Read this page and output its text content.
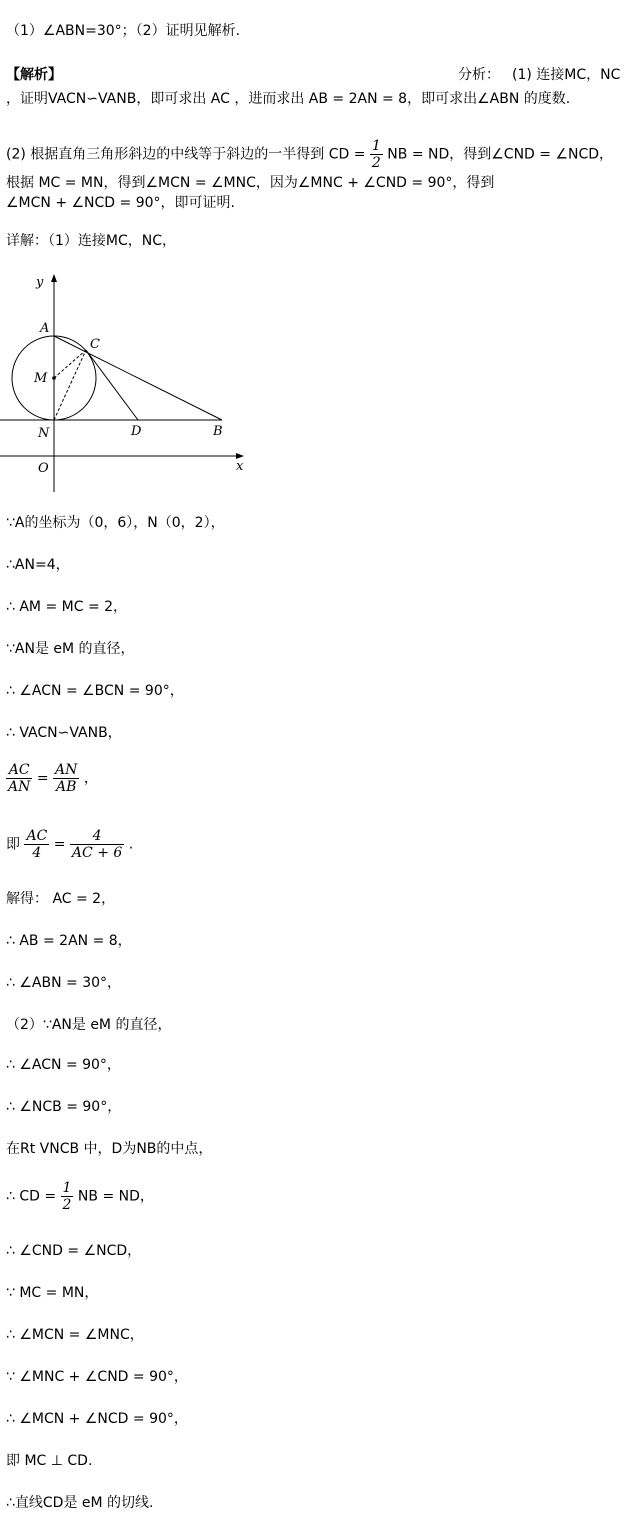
（1）∠ABN=30°；（2）证明见解析.
【解析】	分析： (1) 连接MC，NC
，证明VACN∽VANB，即可求出 AC ，进而求出 AB = 2AN = 8，即可求出∠ABN 的度数.
(2) 根据直角三角形斜边的中线等于斜边的一半得到 CD = $\frac{1}{2}$ NB = ND，得到∠CND = ∠NCD，
根据 MC = MN，得到∠MCN = ∠MNC，因为∠MNC + ∠CND = 90°，得到
∠MCN + ∠NCD = 90°，即可证明.
详解：（1）连接MC，NC，
y
A
C
M
N	D	B
O	x
∵A的坐标为（0，6），N（0，2），
∴AN=4，
∴ AM = MC = 2，
∵AN是 eM 的直径，
∴ ∠ACN = ∠BCN = 90°，
∴ VACN∽VANB，
$\frac{AC}{AN} = \frac{AN}{AB}$ ，
即 $\frac{AC}{4} = \frac{4}{AC + 6}$ .
解得： AC = 2，
∴ AB = 2AN = 8，
∴ ∠ABN = 30°，
（2）∵AN是 eM 的直径，
∴ ∠ACN = 90°，
∴ ∠NCB = 90°，
在Rt VNCB 中，D为NB的中点，
∴ CD = $\frac{1}{2}$ NB = ND，
∴ ∠CND = ∠NCD，
∵ MC = MN，
∴ ∠MCN = ∠MNC，
∵ ∠MNC + ∠CND = 90°，
∴ ∠MCN + ∠NCD = 90°，
即 MC ⊥ CD.
∴直线CD是 eM 的切线.
